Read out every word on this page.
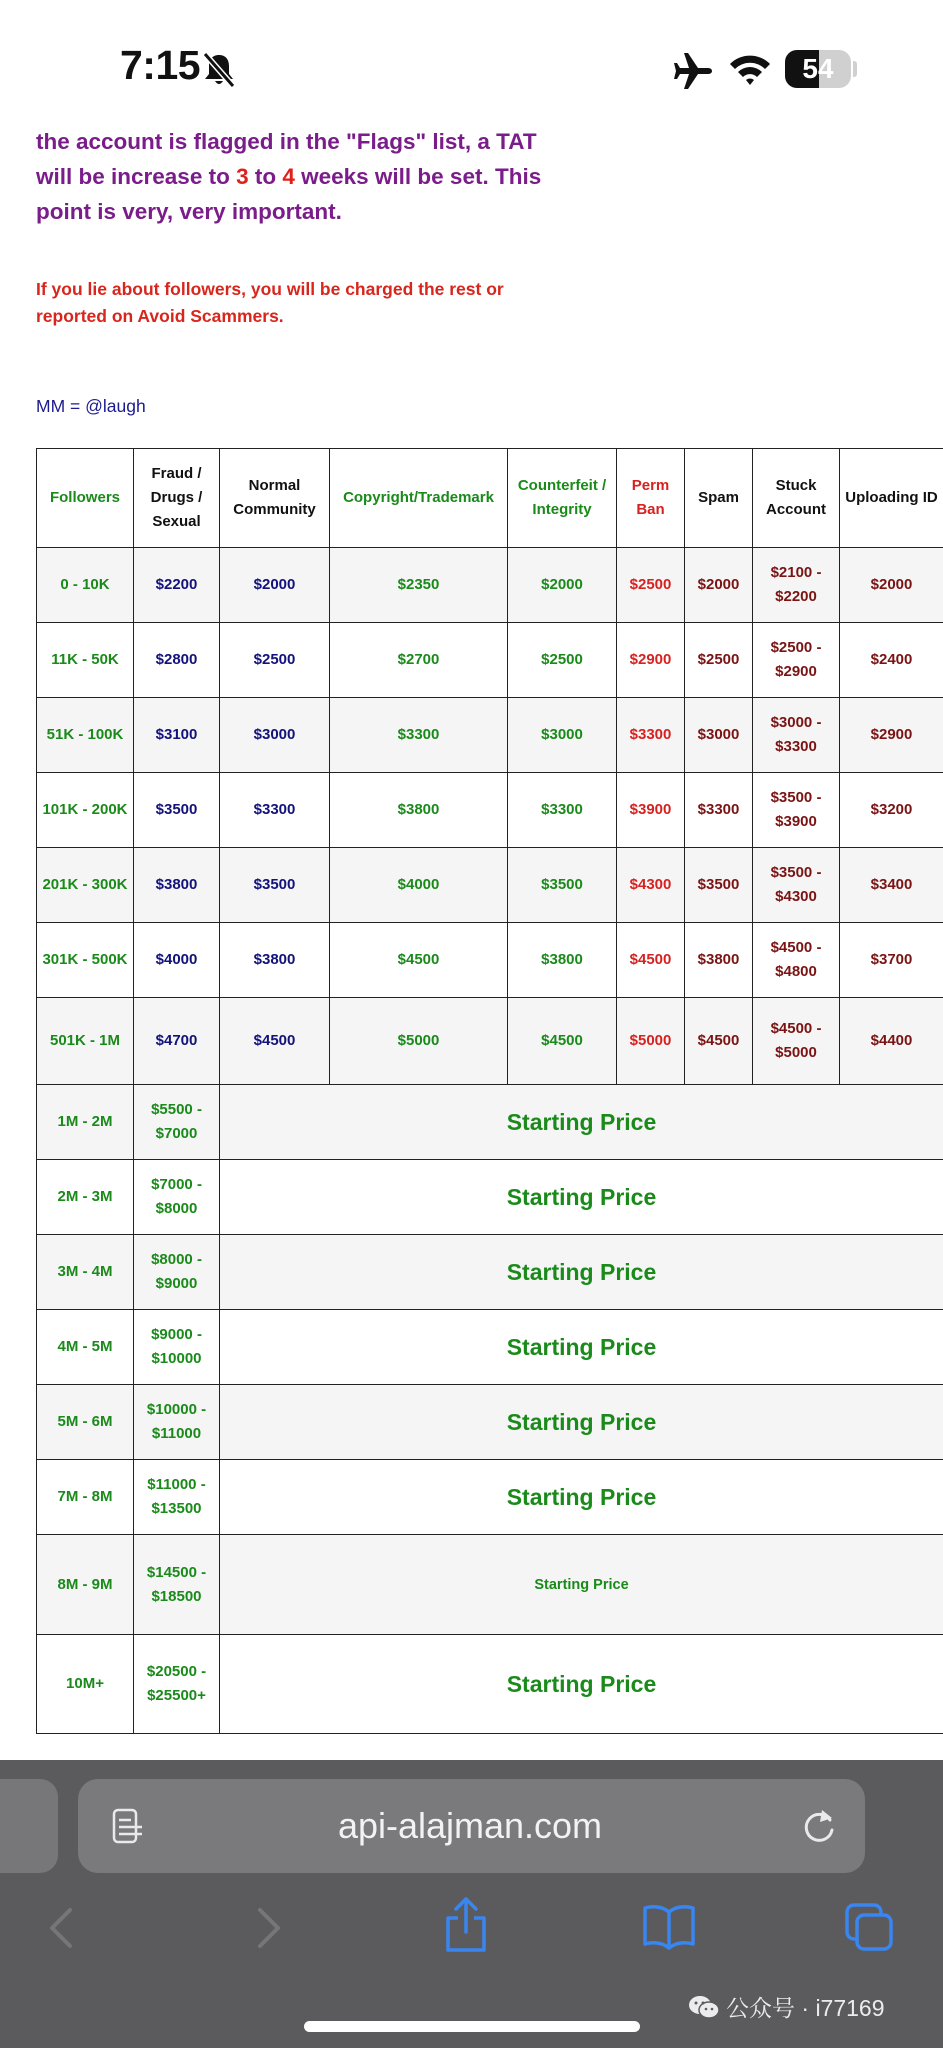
7:15	54
the account is flagged in the "Flags" list, a TAT will be increase to 3 to 4 weeks will be set. This point is very, very important.
If you lie about followers, you will be charged the rest or reported on Avoid Scammers.
MM = @laugh
Followers	Fraud / Drugs / Sexual	Normal Community	Copyright/Trademark	Counterfeit / Integrity	Perm Ban	Spam	Stuck Account	Uploading ID
0 - 10K	$2200	$2000	$2350	$2000	$2500	$2000	$2100 - $2200	$2000
11K - 50K	$2800	$2500	$2700	$2500	$2900	$2500	$2500 - $2900	$2400
51K - 100K	$3100	$3000	$3300	$3000	$3300	$3000	$3000 - $3300	$2900
101K - 200K	$3500	$3300	$3800	$3300	$3900	$3300	$3500 - $3900	$3200
201K - 300K	$3800	$3500	$4000	$3500	$4300	$3500	$3500 - $4300	$3400
301K - 500K	$4000	$3800	$4500	$3800	$4500	$3800	$4500 - $4800	$3700
501K - 1M	$4700	$4500	$5000	$4500	$5000	$4500	$4500 - $5000	$4400
1M - 2M	$5500 - $7000	Starting Price						
2M - 3M	$7000 - $8000	Starting Price						
3M - 4M	$8000 - $9000	Starting Price						
4M - 5M	$9000 - $10000	Starting Price						
5M - 6M	$10000 - $11000	Starting Price						
7M - 8M	$11000 - $13500	Starting Price						
8M - 9M	$14500 - $18500	Starting Price						
10M+	$20500 - $25500+	Starting Price						
api-alajman.com
公众号 · i77169
